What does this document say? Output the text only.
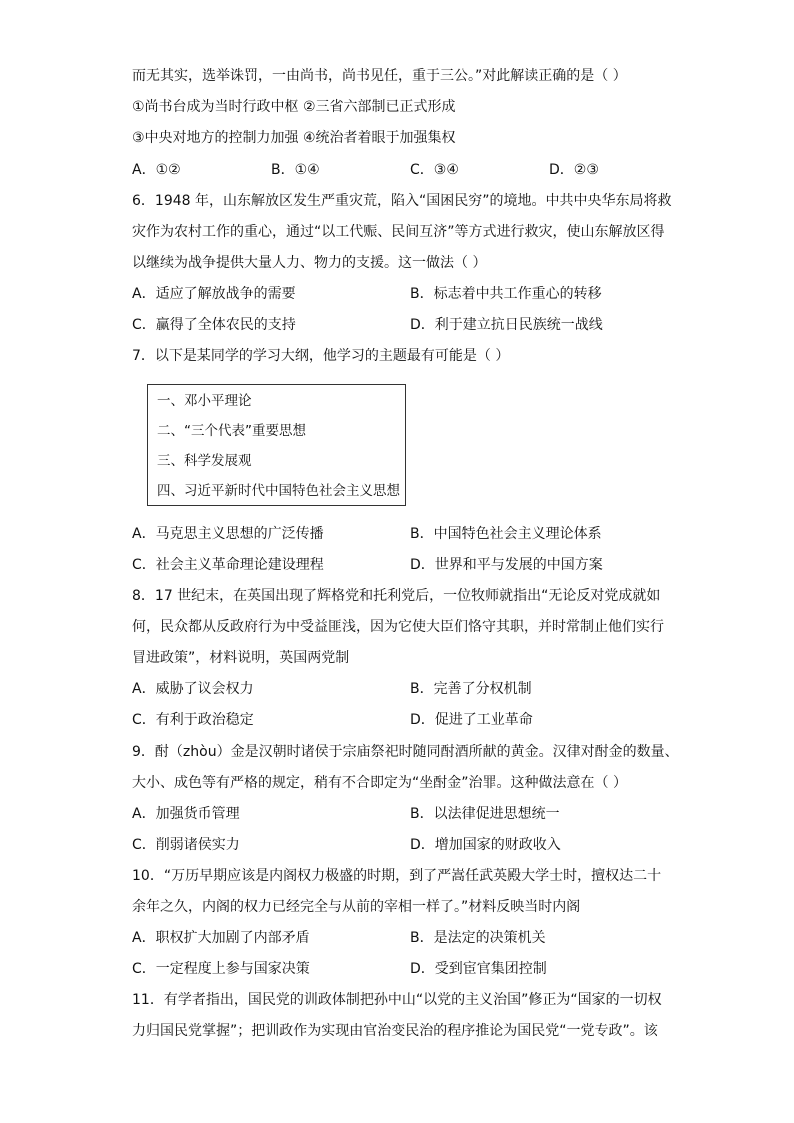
而无其实，选举诛罚，一由尚书，尚书见任，重于三公。”对此解读正确的是（ ）
①尚书台成为当时行政中枢 ②三省六部制已正式形成
③中央对地方的控制力加强 ④统治者着眼于加强集权
A．①②	B．①④	C．③④	D．②③
6．1948 年，山东解放区发生严重灾荒，陷入“国困民穷”的境地。中共中央华东局将救
灾作为农村工作的重心，通过“以工代赈、民间互济”等方式进行救灾，使山东解放区得
以继续为战争提供大量人力、物力的支援。这一做法（ ）
A．适应了解放战争的需要	B．标志着中共工作重心的转移
C．赢得了全体农民的支持	D．利于建立抗日民族统一战线
7．以下是某同学的学习大纲，他学习的主题最有可能是（ ）
一、邓小平理论
二、“三个代表”重要思想
三、科学发展观
四、习近平新时代中国特色社会主义思想
A．马克思主义思想的广泛传播	B．中国特色社会主义理论体系
C．社会主义革命理论建设理程	D．世界和平与发展的中国方案
8．17 世纪末，在英国出现了辉格党和托利党后，一位牧师就指出“无论反对党成就如
何，民众都从反政府行为中受益匪浅，因为它使大臣们恪守其职，并时常制止他们实行
冒进政策”，材料说明，英国两党制
A．威胁了议会权力	B．完善了分权机制
C．有利于政治稳定	D．促进了工业革命
9．酎（zhòu）金是汉朝时诸侯于宗庙祭祀时随同酎酒所献的黄金。汉律对酎金的数量、
大小、成色等有严格的规定，稍有不合即定为“坐酎金”治罪。这种做法意在（ ）
A．加强货币管理	B．以法律促进思想统一
C．削弱诸侯实力	D．增加国家的财政收入
10．“万历早期应该是内阁权力极盛的时期，到了严嵩任武英殿大学士时，擅权达二十
余年之久，内阁的权力已经完全与从前的宰相一样了。”材料反映当时内阁
A．职权扩大加剧了内部矛盾	B．是法定的决策机关
C．一定程度上参与国家决策	D．受到宦官集团控制
11．有学者指出，国民党的训政体制把孙中山“以党的主义治国”修正为“国家的一切权
力归国民党掌握”；把训政作为实现由官治变民治的程序推论为国民党“一党专政”。该
